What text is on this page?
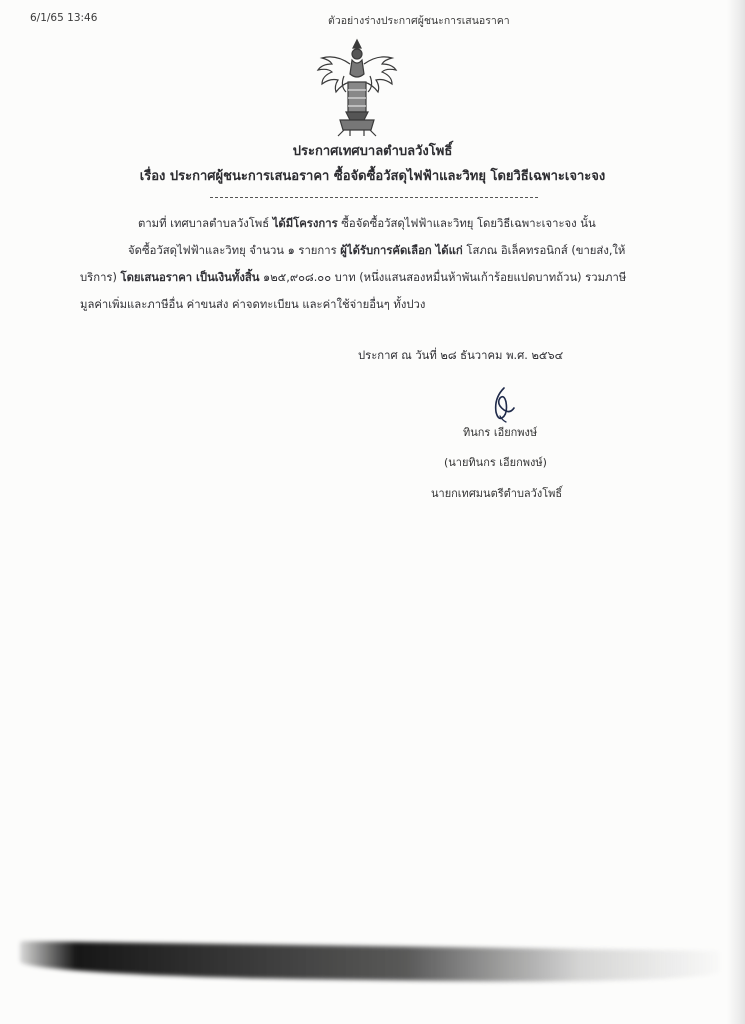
6/1/65 13:46	ตัวอย่างร่างประกาศผู้ชนะการเสนอราคา
ประกาศเทศบาลตำบลวังโพธิ์
เรื่อง ประกาศผู้ชนะการเสนอราคา ซื้อจัดซื้อวัสดุไฟฟ้าและวิทยุ โดยวิธีเฉพาะเจาะจง
ตามที่ เทศบาลตำบลวังโพธ์ ได้มีโครงการ ซื้อจัดซื้อวัสดุไฟฟ้าและวิทยุ โดยวิธีเฉพาะเจาะจง นั้น
จัดซื้อวัสดุไฟฟ้าและวิทยุ จำนวน ๑ รายการ ผู้ได้รับการคัดเลือก ได้แก่ โสภณ อิเล็คทรอนิกส์ (ขายส่ง,ให้
บริการ) โดยเสนอราคา เป็นเงินทั้งสิ้น ๑๒๕,๙๐๘.๐๐ บาท (หนึ่งแสนสองหมื่นห้าพันเก้าร้อยแปดบาทถ้วน) รวมภาษี
มูลค่าเพิ่มและภาษีอื่น ค่าขนส่ง ค่าจดทะเบียน และค่าใช้จ่ายอื่นๆ ทั้งปวง
ประกาศ ณ วันที่ ๒๘ ธันวาคม พ.ศ. ๒๕๖๔
ทินกร เอียกพงษ์
(นายทินกร เอียกพงษ์)
นายกเทศมนตรีตำบลวังโพธิ์
